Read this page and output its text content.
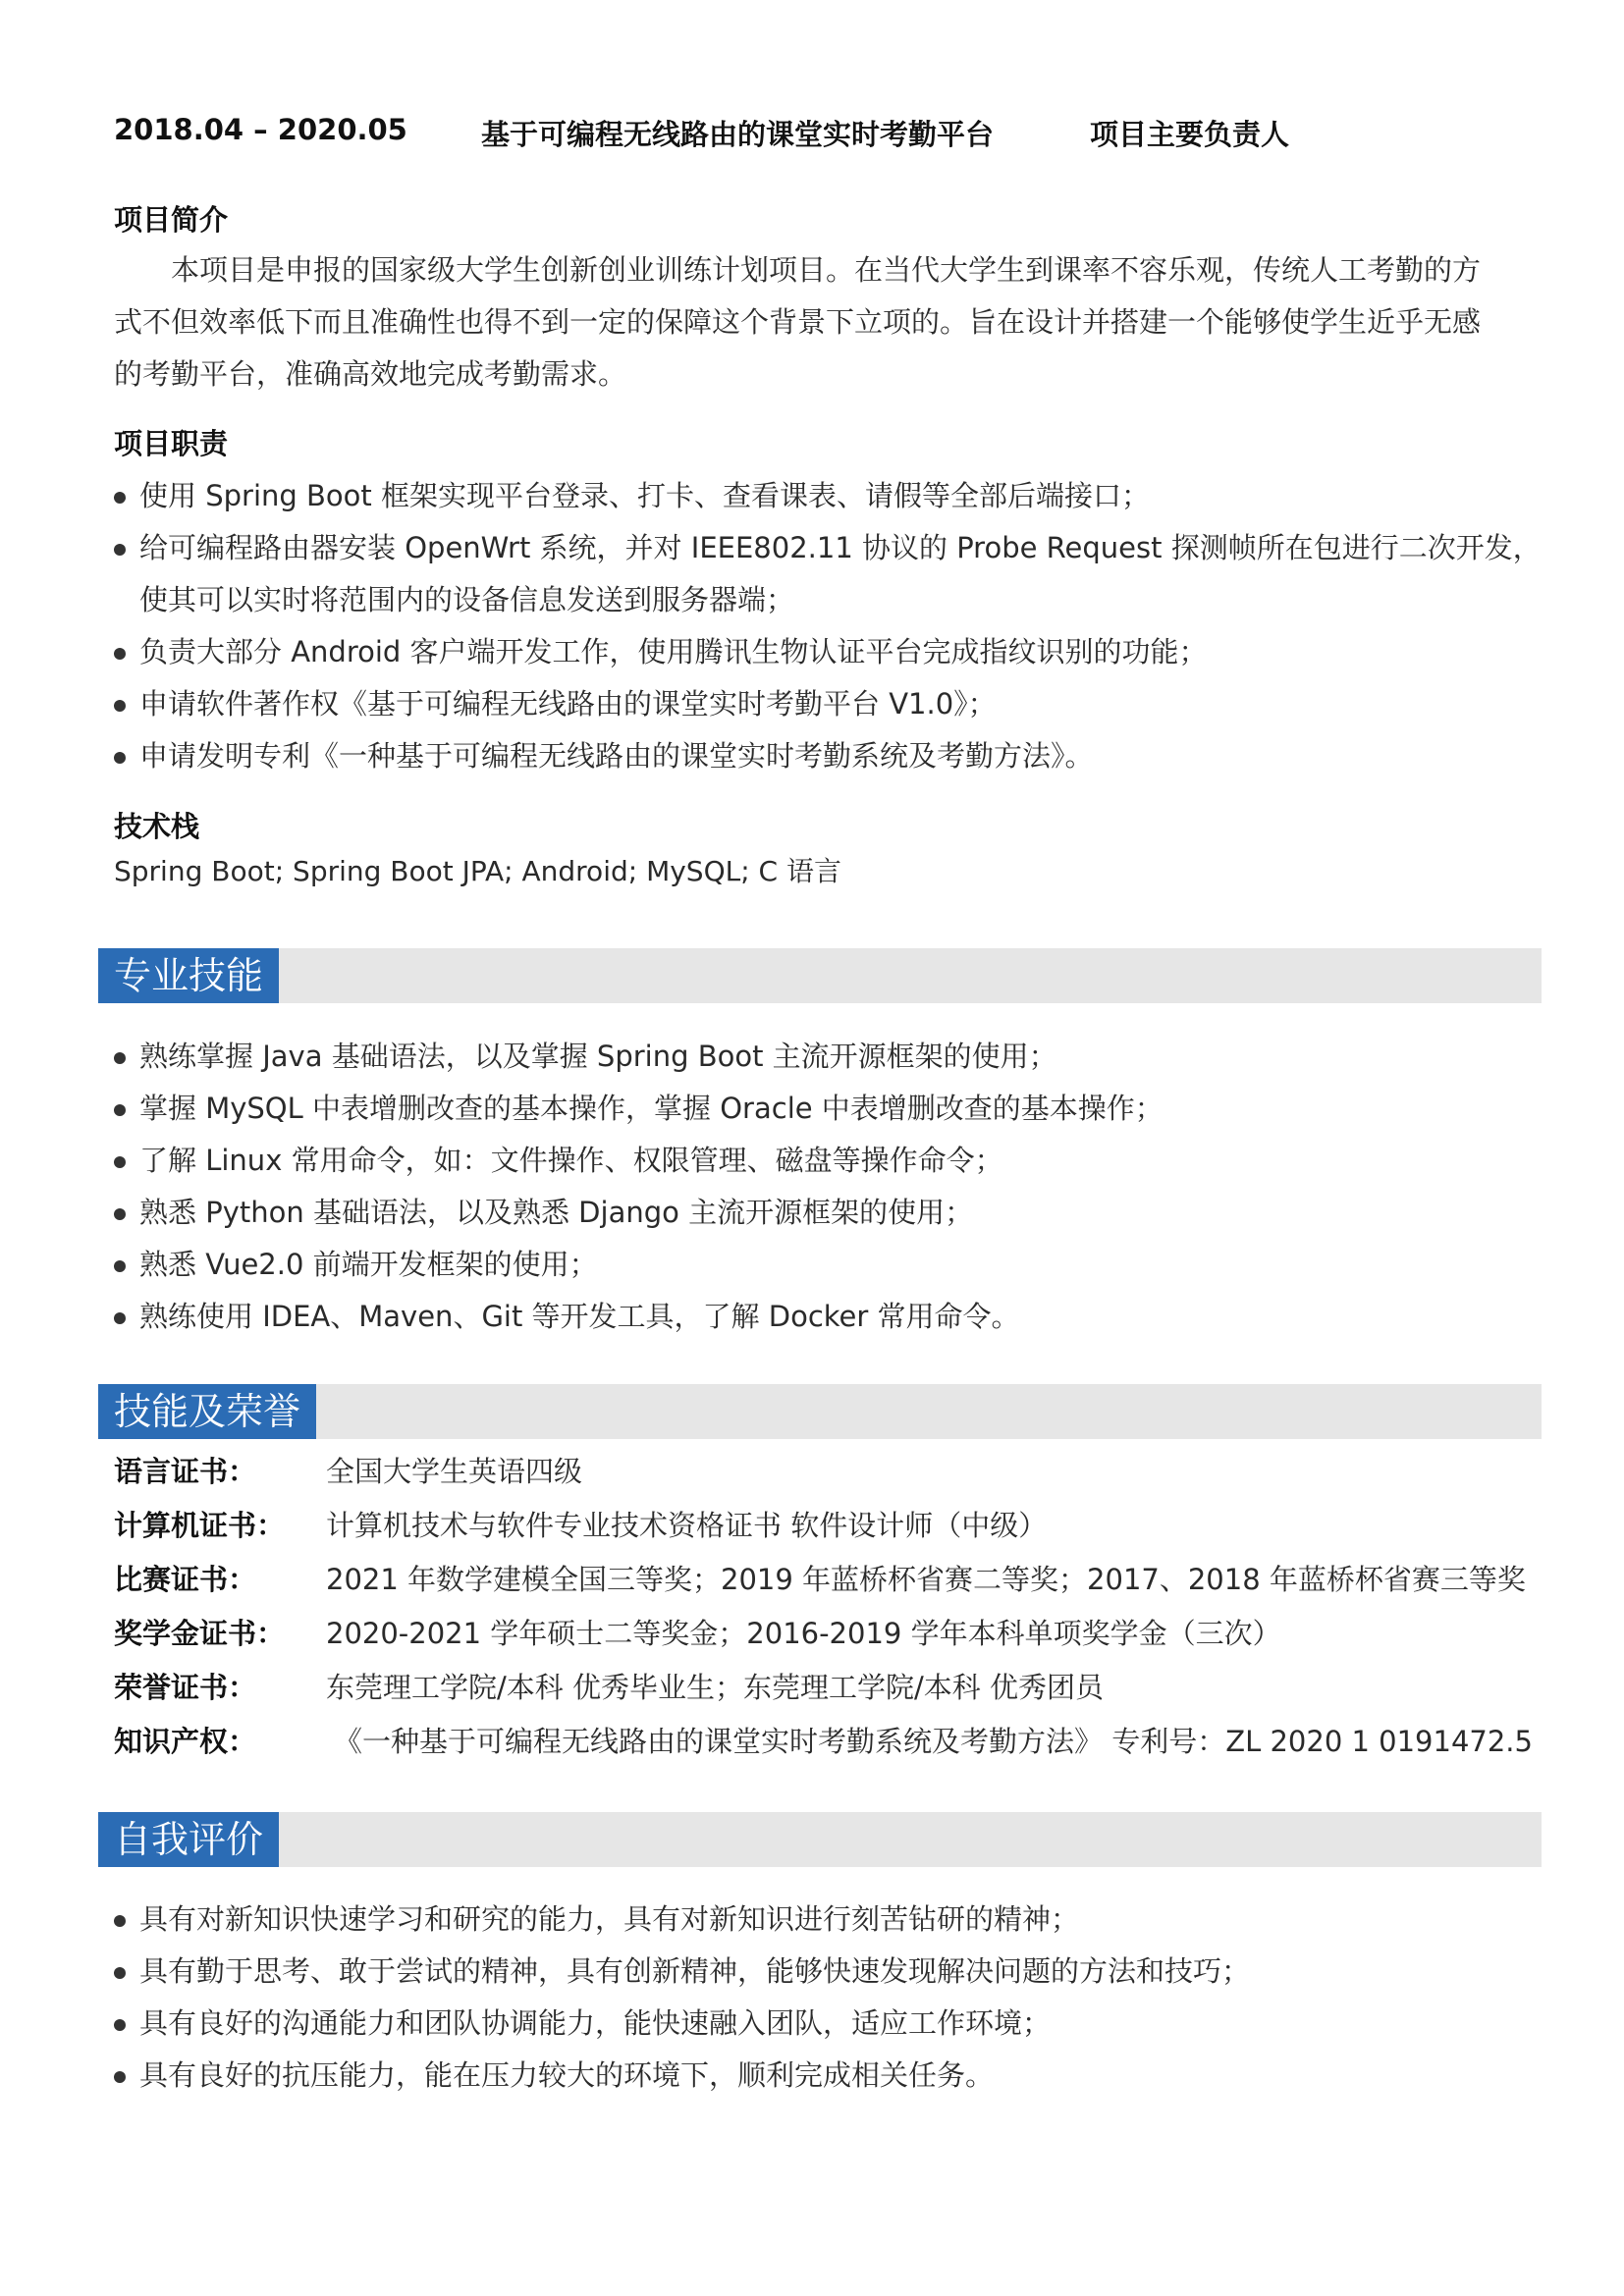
2018.04 – 2020.05	基于可编程无线路由的课堂实时考勤平台	项目主要负责人
项目简介
本项目是申报的国家级大学生创新创业训练计划项目。在当代大学生到课率不容乐观，传统人工考勤的方
式不但效率低下而且准确性也得不到一定的保障这个背景下立项的。旨在设计并搭建一个能够使学生近乎无感
的考勤平台，准确高效地完成考勤需求。
项目职责
使用 Spring Boot 框架实现平台登录、打卡、查看课表、请假等全部后端接口；
给可编程路由器安装 OpenWrt 系统，并对 IEEE802.11 协议的 Probe Request 探测帧所在包进行二次开发，
使其可以实时将范围内的设备信息发送到服务器端；
负责大部分 Android 客户端开发工作，使用腾讯生物认证平台完成指纹识别的功能；
申请软件著作权《基于可编程无线路由的课堂实时考勤平台 V1.0》；
申请发明专利《一种基于可编程无线路由的课堂实时考勤系统及考勤方法》。
技术栈
Spring Boot; Spring Boot JPA; Android; MySQL; C 语言
专业技能
熟练掌握 Java 基础语法，以及掌握 Spring Boot 主流开源框架的使用；
掌握 MySQL 中表增删改查的基本操作，掌握 Oracle 中表增删改查的基本操作；
了解 Linux 常用命令，如：文件操作、权限管理、磁盘等操作命令；
熟悉 Python 基础语法，以及熟悉 Django 主流开源框架的使用；
熟悉 Vue2.0 前端开发框架的使用；
熟练使用 IDEA、Maven、Git 等开发工具，了解 Docker 常用命令。
技能及荣誉
语言证书： 全国大学生英语四级
计算机证书： 计算机技术与软件专业技术资格证书 软件设计师（中级）
比赛证书： 2021 年数学建模全国三等奖；2019 年蓝桥杯省赛二等奖；2017、2018 年蓝桥杯省赛三等奖
奖学金证书： 2020-2021 学年硕士二等奖金；2016-2019 学年本科单项奖学金（三次）
荣誉证书： 东莞理工学院/本科 优秀毕业生；东莞理工学院/本科 优秀团员
知识产权：	《一种基于可编程无线路由的课堂实时考勤系统及考勤方法》 专利号：ZL 2020 1 0191472.5
自我评价
具有对新知识快速学习和研究的能力，具有对新知识进行刻苦钻研的精神；
具有勤于思考、敢于尝试的精神，具有创新精神，能够快速发现解决问题的方法和技巧；
具有良好的沟通能力和团队协调能力，能快速融入团队，适应工作环境；
具有良好的抗压能力，能在压力较大的环境下，顺利完成相关任务。
